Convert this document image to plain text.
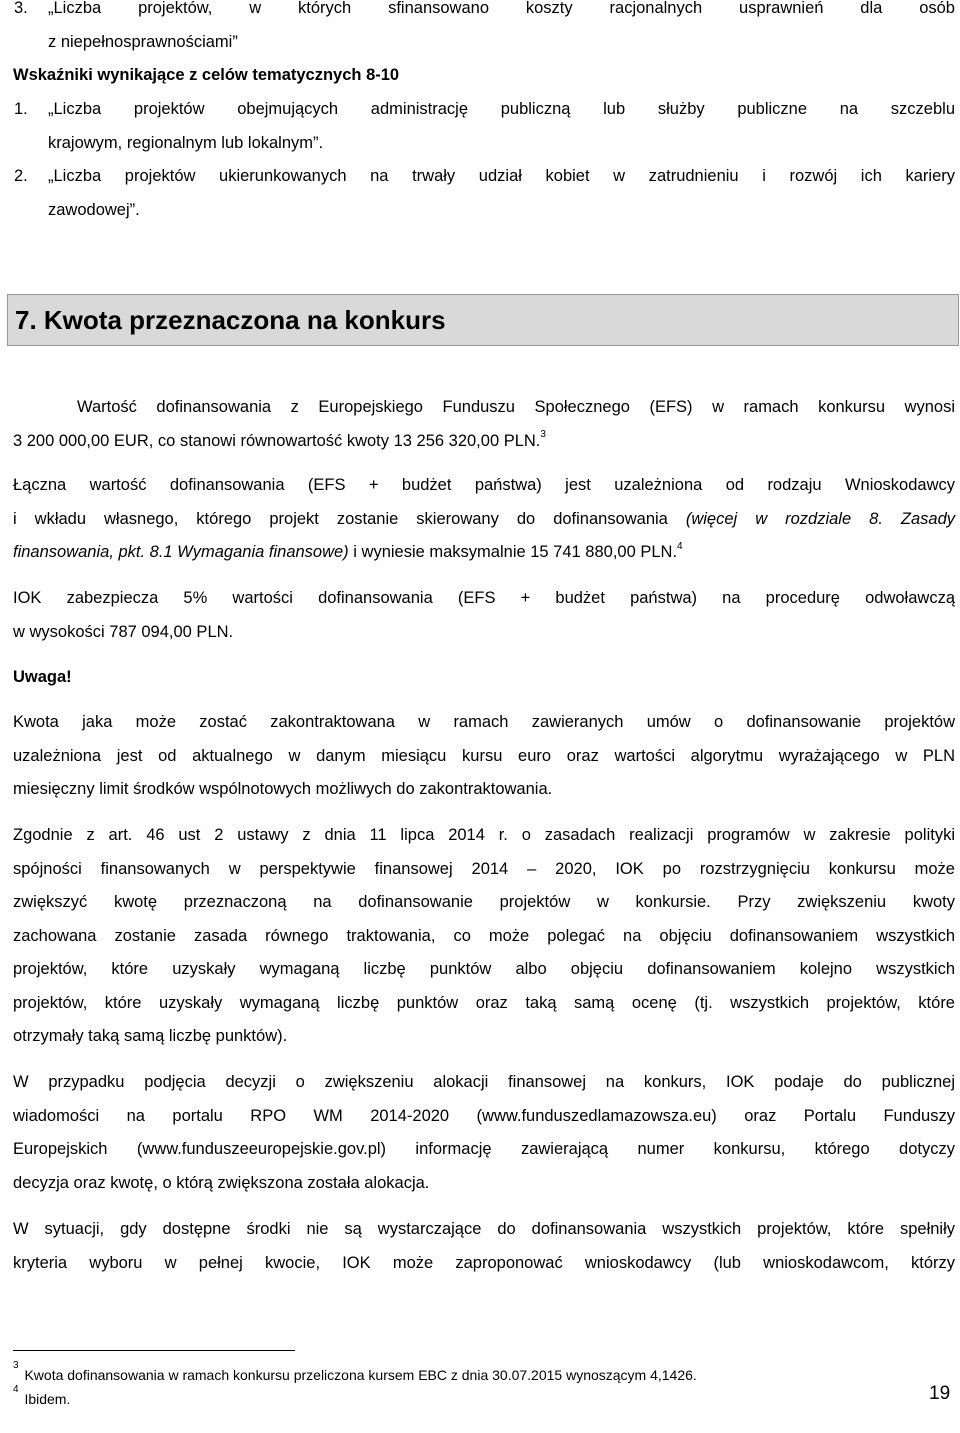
3. „Liczba projektów, w których sfinansowano koszty racjonalnych usprawnień dla osób
z niepełnosprawnościami”
Wskaźniki wynikające z celów tematycznych 8-10
1. „Liczba projektów obejmujących administrację publiczną lub służby publiczne na szczeblu
krajowym, regionalnym lub lokalnym”.
2. „Liczba projektów ukierunkowanych na trwały udział kobiet w zatrudnieniu i rozwój ich kariery
zawodowej”.
7. Kwota przeznaczona na konkurs
Wartość dofinansowania z Europejskiego Funduszu Społecznego (EFS) w ramach konkursu wynosi
3 200 000,00 EUR, co stanowi równowartość kwoty 13 256 320,00 PLN.$^3$
Łączna wartość dofinansowania (EFS + budżet państwa) jest uzależniona od rodzaju Wnioskodawcy
i wkładu własnego, którego projekt zostanie skierowany do dofinansowania (więcej w rozdziale 8. Zasady
finansowania, pkt. 8.1 Wymagania finansowe) i wyniesie maksymalnie 15 741 880,00 PLN.$^4$
IOK zabezpiecza 5% wartości dofinansowania (EFS + budżet państwa) na procedurę odwoławczą
w wysokości 787 094,00 PLN.
Uwaga!
Kwota jaka może zostać zakontraktowana w ramach zawieranych umów o dofinansowanie projektów
uzależniona jest od aktualnego w danym miesiącu kursu euro oraz wartości algorytmu wyrażającego w PLN
miesięczny limit środków wspólnotowych możliwych do zakontraktowania.
Zgodnie z art. 46 ust 2 ustawy z dnia 11 lipca 2014 r. o zasadach realizacji programów w zakresie polityki
spójności finansowanych w perspektywie finansowej 2014 – 2020, IOK po rozstrzygnięciu konkursu może
zwiększyć kwotę przeznaczoną na dofinansowanie projektów w konkursie. Przy zwiększeniu kwoty
zachowana zostanie zasada równego traktowania, co może polegać na objęciu dofinansowaniem wszystkich
projektów, które uzyskały wymaganą liczbę punktów albo objęciu dofinansowaniem kolejno wszystkich
projektów, które uzyskały wymaganą liczbę punktów oraz taką samą ocenę (tj. wszystkich projektów, które
otrzymały taką samą liczbę punktów).
W przypadku podjęcia decyzji o zwiększeniu alokacji finansowej na konkurs, IOK podaje do publicznej
wiadomości na portalu RPO WM 2014-2020 (www.funduszedlamazowsza.eu) oraz Portalu Funduszy
Europejskich (www.funduszeeuropejskie.gov.pl) informację zawierającą numer konkursu, którego dotyczy
decyzja oraz kwotę, o którą zwiększona została alokacja.
W sytuacji, gdy dostępne środki nie są wystarczające do dofinansowania wszystkich projektów, które spełniły
kryteria wyboru w pełnej kwocie, IOK może zaproponować wnioskodawcy (lub wnioskodawcom, którzy
$^3$ Kwota dofinansowania w ramach konkursu przeliczona kursem EBC z dnia 30.07.2015 wynoszącym 4,1426.
$^4$ Ibidem.	19
